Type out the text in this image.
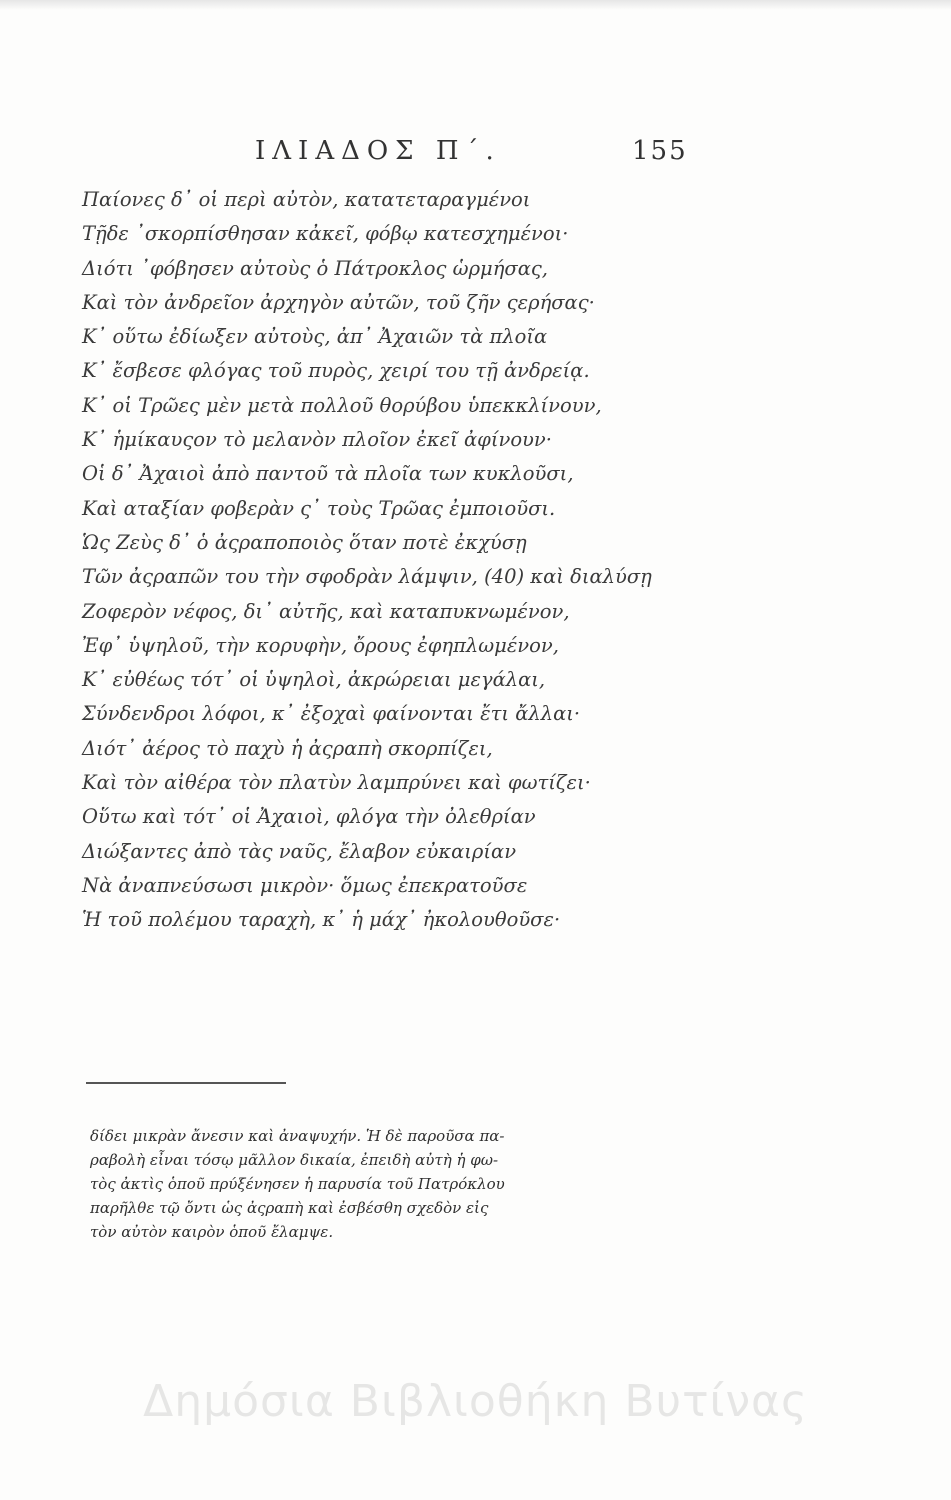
ΙΛΙΑΔΟΣ Π΄.	155
Παίονες δ᾽ οἱ περὶ αὐτὸν, κατατεταραγμένοι
Τῇδε ᾽σκορπίσθησαν κἀκεῖ, φόβῳ κατεσχημένοι·
Διότι ᾽φόβησεν αὐτοὺς ὁ Πάτροκλος ὡρμήσας,
Καὶ τὸν ἀνδρεῖον ἀρχηγὸν αὐτῶν, τοῦ ζῆν ςερήσας·
Κ᾽ οὕτω ἐδίωξεν αὐτοὺς, ἀπ᾽ Ἀχαιῶν τὰ πλοῖα
Κ᾽ ἔσβεσε φλόγας τοῦ πυρὸς, χειρί του τῇ ἀνδρείᾳ.
Κ᾽ οἱ Τρῶες μὲν μετὰ πολλοῦ θορύβου ὑπεκκλίνουν,
Κ᾽ ἡμίκαυςον τὸ μελανὸν πλοῖον ἐκεῖ ἀφίνουν·
Οἱ δ᾽ Ἀχαιοὶ ἀπὸ παντοῦ τὰ πλοῖα των κυκλοῦσι,
Καὶ αταξίαν φοβερὰν ς᾽ τοὺς Τρῶας ἐμποιοῦσι.
Ὡς Ζεὺς δ᾽ ὁ ἀςραποποιὸς ὅταν ποτὲ ἐκχύσῃ
Τῶν ἀςραπῶν του τὴν σφοδρὰν λάμψιν, (40) καὶ διαλύσῃ
Ζοφερὸν νέφος, δι᾽ αὐτῆς, καὶ καταπυκνωμένον,
Ἐφ᾽ ὑψηλοῦ, τὴν κορυφὴν, ὄρους ἐφηπλωμένον,
Κ᾽ εὐθέως τότ᾽ οἱ ὑψηλοὶ, ἀκρώρειαι μεγάλαι,
Σύνδενδροι λόφοι, κ᾽ ἐξοχαὶ φαίνονται ἔτι ἄλλαι·
Διότ᾽ ἀέρος τὸ παχὺ ἡ ἀςραπὴ σκορπίζει,
Καὶ τὸν αἰθέρα τὸν πλατὺν λαμπρύνει καὶ φωτίζει·
Οὕτω καὶ τότ᾽ οἱ Ἀχαιοὶ, φλόγα τὴν ὀλεθρίαν
Διώξαντες ἀπὸ τὰς ναῦς, ἔλαβον εὐκαιρίαν
Νὰ ἀναπνεύσωσι μικρὸν· ὅμως ἐπεκρατοῦσε
Ἡ τοῦ πολέμου ταραχὴ, κ᾽ ἡ μάχ᾽ ἠκολουθοῦσε·
δίδει μικρὰν ἄνεσιν καὶ ἀναψυχήν. Ἡ δὲ παροῦσα πα-
ραβολὴ εἶναι τόσῳ μᾶλλον δικαία, ἐπειδὴ αὐτὴ ἡ φω-
τὸς ἀκτὶς ὁποῦ πρύξένησεν ἡ παρυσία τοῦ Πατρόκλου
παρῆλθε τῷ ὄντι ὡς ἀςραπὴ καὶ ἐσβέσθη σχεδὸν εἰς
τὸν αὐτὸν καιρὸν ὁποῦ ἔλαμψε.
Δημόσια Βιβλιοθήκη Βυτίνας
